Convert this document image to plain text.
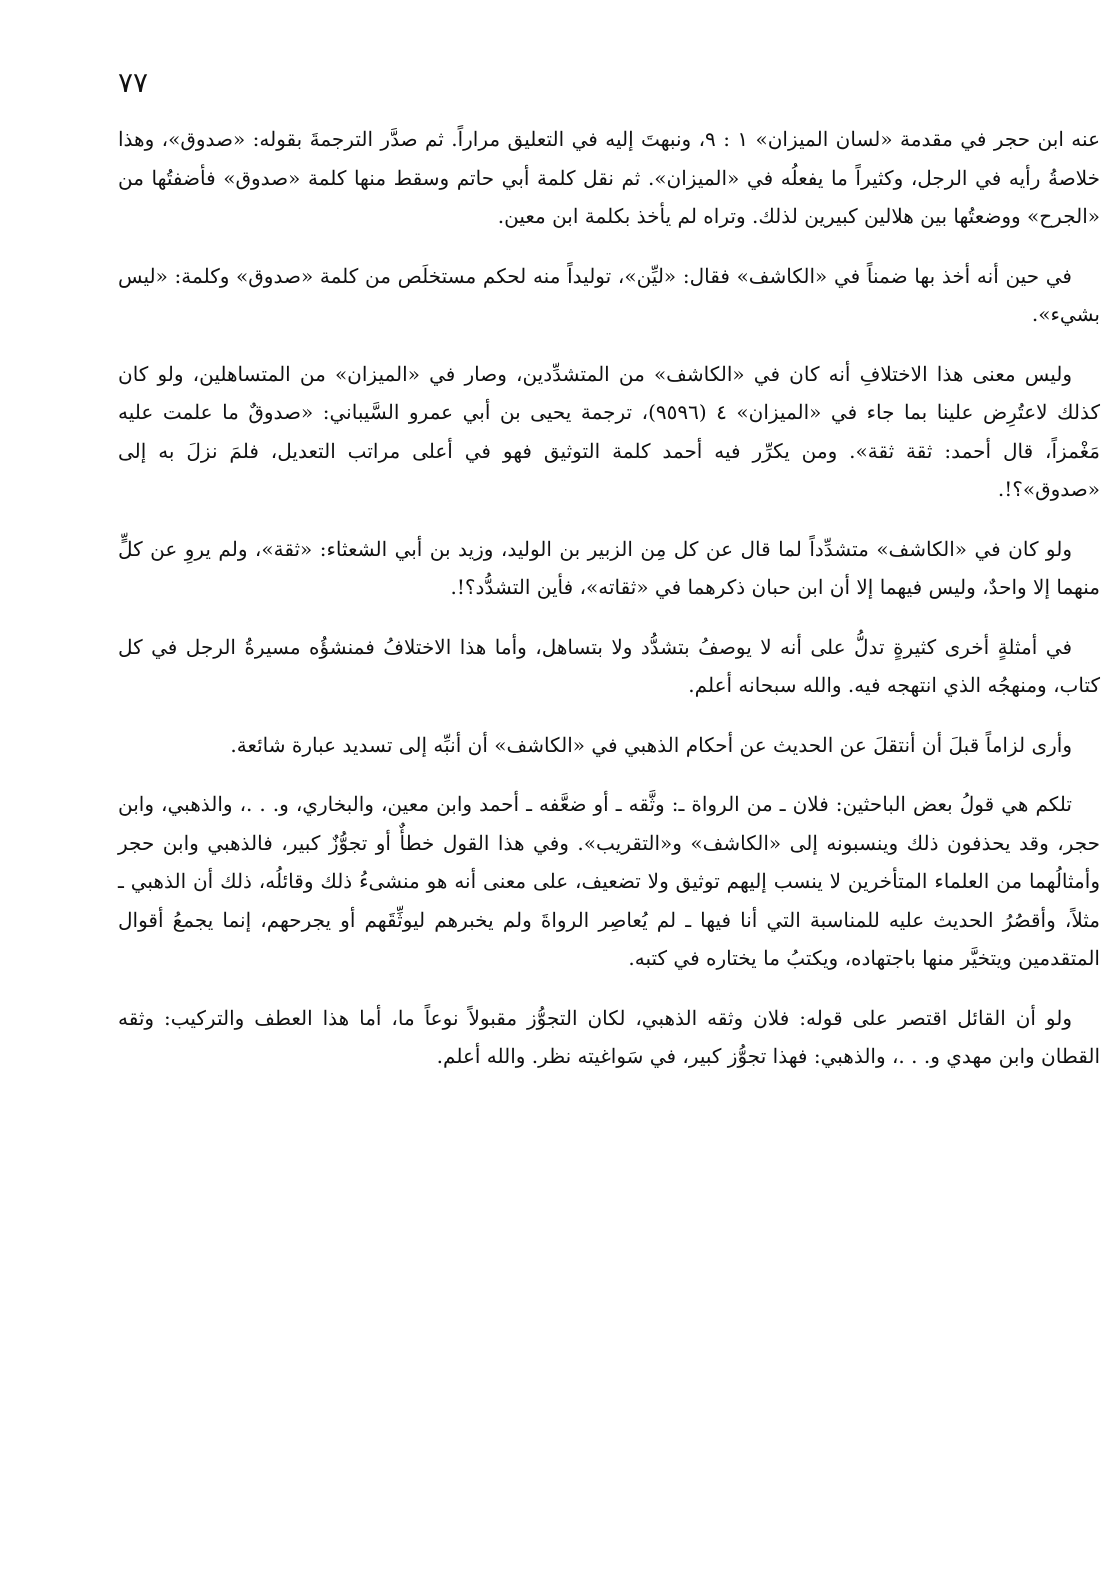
٧٧

عنه ابن حجر في مقدمة «لسان الميزان» ١ : ٩، ونبهتَ إليه في التعليق مراراً. ثم صدَّر الترجمةَ بقوله: «صدوق»، وهذا خلاصةُ رأيه في الرجل، وكثيراً ما يفعلُه في «الميزان». ثم نقل كلمة أبي حاتم وسقط منها كلمة «صدوق» فأضفتُها من «الجرح» ووضعتُها بين هلالين كبيرين لذلك. وتراه لم يأخذ بكلمة ابن معين.

في حين أنه أخذ بها ضمناً في «الكاشف» فقال: «ليِّن»، توليداً منه لحكم مستخلَص من كلمة «صدوق» وكلمة: «ليس بشيء».

وليس معنى هذا الاختلافِ أنه كان في «الكاشف» من المتشدِّدين، وصار في «الميزان» من المتساهلين، ولو كان كذلك لاعتُرِض علينا بما جاء في «الميزان» ٤ (٩٥٩٦)، ترجمة يحيى بن أبي عمرو السَّيباني: «صدوقٌ ما علمت عليه مَغْمزاً، قال أحمد: ثقة ثقة». ومن يكرِّر فيه أحمد كلمة التوثيق فهو في أعلى مراتب التعديل، فلمَ نزلَ به إلى «صدوق»؟!.

ولو كان في «الكاشف» متشدِّداً لما قال عن كل مِن الزبير بن الوليد، وزيد بن أبي الشعثاء: «ثقة»، ولم يروِ عن كلٍّ منهما إلا واحدٌ، وليس فيهما إلا أن ابن حبان ذكرهما في «ثقاته»، فأين التشدُّد؟!.

في أمثلةٍ أخرى كثيرةٍ تدلُّ على أنه لا يوصفُ بتشدُّد ولا بتساهل، وأما هذا الاختلافُ فمنشؤُه مسيرةُ الرجل في كل كتاب، ومنهجُه الذي انتهجه فيه. والله سبحانه أعلم.

وأرى لزاماً قبلَ أن أنتقلَ عن الحديث عن أحكام الذهبي في «الكاشف» أن أنبِّه إلى تسديد عبارة شائعة.

تلكم هي قولُ بعض الباحثين: فلان ـ من الرواة ـ: وثَّقه ـ أو ضعَّفه ـ أحمد وابن معين، والبخاري، و. . .، والذهبي، وابن حجر، وقد يحذفون ذلك وينسبونه إلى «الكاشف» و«التقريب». وفي هذا القول خطأٌ أو تجوُّزٌ كبير، فالذهبي وابن حجر وأمثالُهما من العلماء المتأخرين لا ينسب إليهم توثيق ولا تضعيف، على معنى أنه هو منشىءُ ذلك وقائلُه، ذلك أن الذهبي ـ مثلاً، وأقصُرُ الحديث عليه للمناسبة التي أنا فيها ـ لم يُعاصِر الرواةَ ولم يخبرهم ليوثِّقَهم أو يجرحهم، إنما يجمعُ أقوال المتقدمين ويتخيَّر منها باجتهاده، ويكتبُ ما يختاره في كتبه.

ولو أن القائل اقتصر على قوله: فلان وثقه الذهبي، لكان التجوُّز مقبولاً نوعاً ما، أما هذا العطف والتركيب: وثقه القطان وابن مهدي و. . .، والذهبي: فهذا تجوُّز كبير، في سَواغيته نظر. والله أعلم.
